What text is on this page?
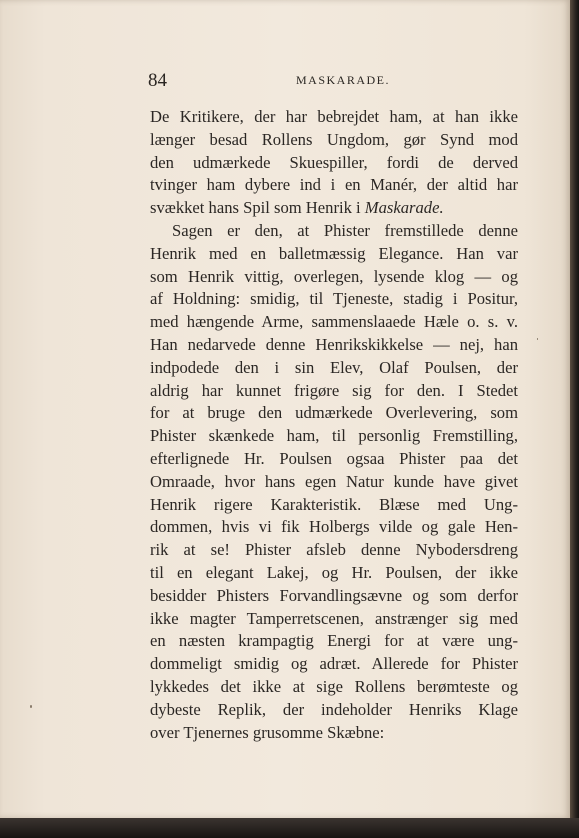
84	MASKARADE.
De Kritikere, der har bebrejdet ham, at han ikke
længer besad Rollens Ungdom, gør Synd mod
den udmærkede Skuespiller, fordi de derved
tvinger ham dybere ind i en Manér, der altid har
svækket hans Spil som Henrik i Maskarade.
Sagen er den, at Phister fremstillede denne
Henrik med en balletmæssig Elegance. Han var
som Henrik vittig, overlegen, lysende klog — og
af Holdning: smidig, til Tjeneste, stadig i Positur,
med hængende Arme, sammenslaaede Hæle o. s. v.
Han nedarvede denne Henrikskikkelse — nej, han
indpodede den i sin Elev, Olaf Poulsen, der
aldrig har kunnet frigøre sig for den. I Stedet
for at bruge den udmærkede Overlevering, som
Phister skænkede ham, til personlig Fremstilling,
efterlignede Hr. Poulsen ogsaa Phister paa det
Omraade, hvor hans egen Natur kunde have givet
Henrik rigere Karakteristik. Blæse med Ung-
dommen, hvis vi fik Holbergs vilde og gale Hen-
rik at se! Phister afsleb denne Nybodersdreng
til en elegant Lakej, og Hr. Poulsen, der ikke
besidder Phisters Forvandlingsævne og som derfor
ikke magter Tamperretscenen, anstrænger sig med
en næsten krampagtig Energi for at være ung-
dommeligt smidig og adræt. Allerede for Phister
lykkedes det ikke at sige Rollens berømteste og
dybeste Replik, der indeholder Henriks Klage
over Tjenernes grusomme Skæbne:
